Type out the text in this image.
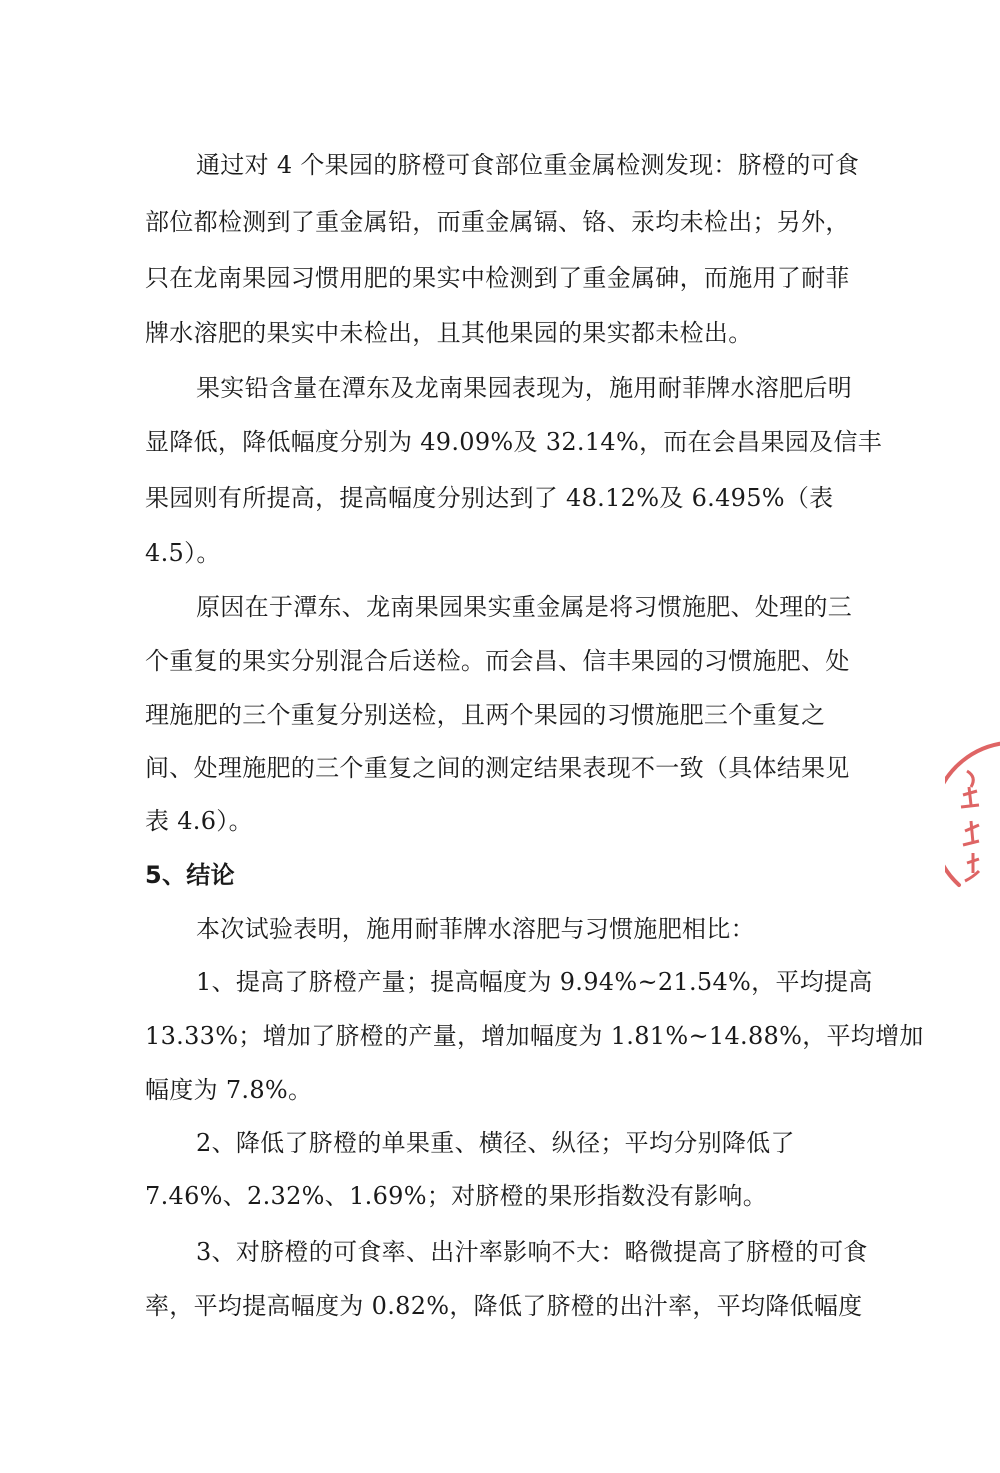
通过对 4 个果园的脐橙可食部位重金属检测发现：脐橙的可食
部位都检测到了重金属铅，而重金属镉、铬、汞均未检出；另外，
只在龙南果园习惯用肥的果实中检测到了重金属砷，而施用了耐菲
牌水溶肥的果实中未检出，且其他果园的果实都未检出。
果实铅含量在潭东及龙南果园表现为，施用耐菲牌水溶肥后明
显降低，降低幅度分别为 49.09%及 32.14%，而在会昌果园及信丰
果园则有所提高，提高幅度分别达到了 48.12%及 6.495%（表
4.5）。
原因在于潭东、龙南果园果实重金属是将习惯施肥、处理的三
个重复的果实分别混合后送检。而会昌、信丰果园的习惯施肥、处
理施肥的三个重复分别送检，且两个果园的习惯施肥三个重复之
间、处理施肥的三个重复之间的测定结果表现不一致（具体结果见
表 4.6）。
5、结论
本次试验表明，施用耐菲牌水溶肥与习惯施肥相比：
1、提高了脐橙产量；提高幅度为 9.94%~21.54%，平均提高
13.33%；增加了脐橙的产量，增加幅度为 1.81%~14.88%，平均增加
幅度为 7.8%。
2、降低了脐橙的单果重、横径、纵径；平均分别降低了
7.46%、2.32%、1.69%；对脐橙的果形指数没有影响。
3、对脐橙的可食率、出汁率影响不大：略微提高了脐橙的可食
率，平均提高幅度为 0.82%，降低了脐橙的出汁率，平均降低幅度
